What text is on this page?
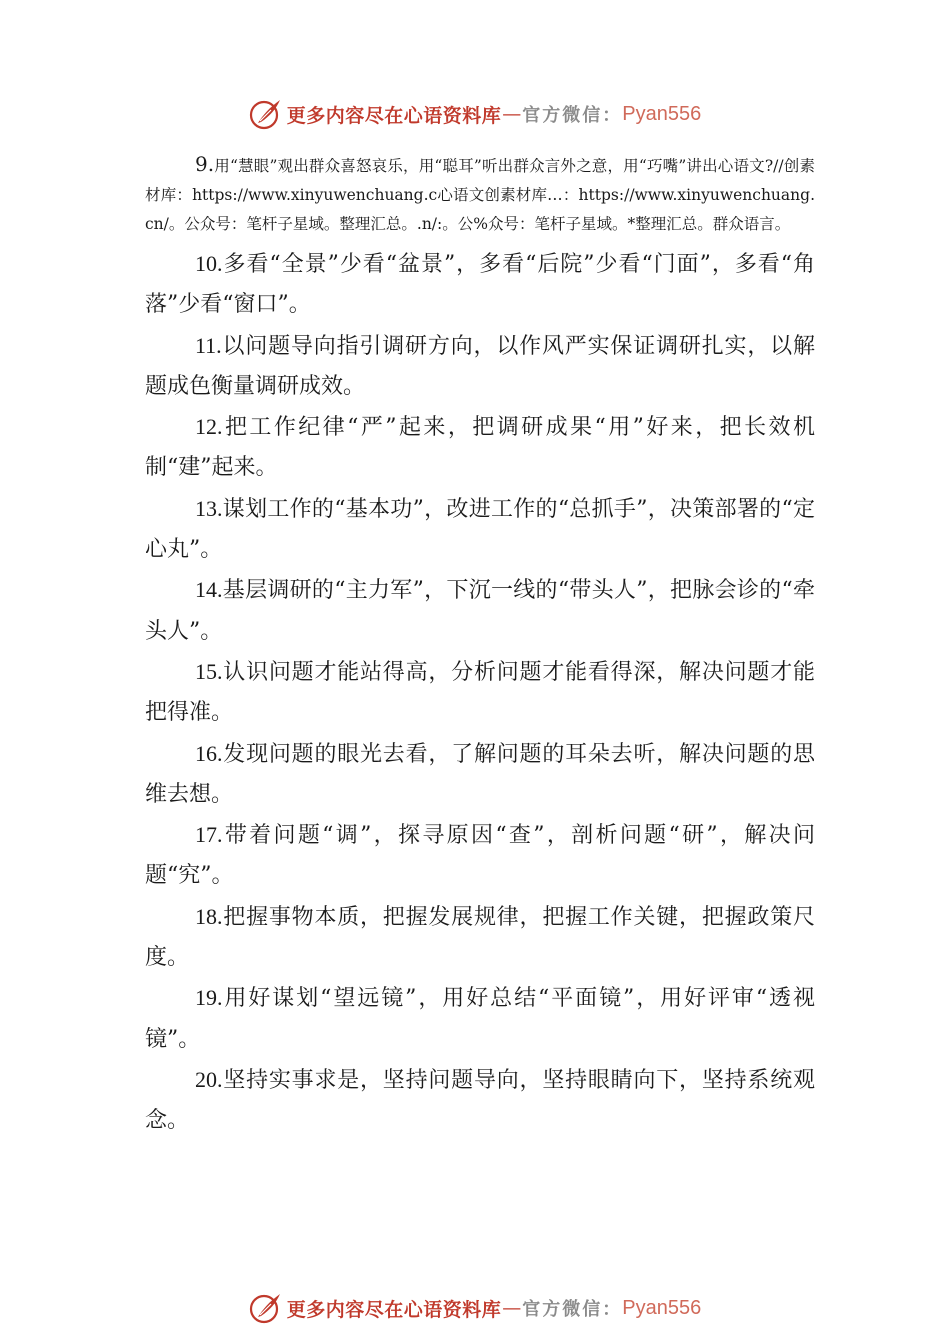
更多内容尽在心语资料库 — 官方微信： Pyan556

9.用“慧眼”观出群众喜怒哀乐，用“聪耳”听出群众言外之意，用“巧嘴”讲出心语文?//创素材库：https://www.xinyuwenchuang.c心语文创素材库…：https://www.xinyuwenchuang.cn/。公众号：笔杆子星域。整理汇总。.n/:。公%众号：笔杆子星域。*整理汇总。群众语言。

10.多看“全景”少看“盆景”，多看“后院”少看“门面”，多看“角落”少看“窗口”。

11.以问题导向指引调研方向，以作风严实保证调研扎实，以解题成色衡量调研成效。

12.把工作纪律“严”起来，把调研成果“用”好来，把长效机制“建”起来。

13.谋划工作的“基本功”，改进工作的“总抓手”，决策部署的“定心丸”。

14.基层调研的“主力军”，下沉一线的“带头人”，把脉会诊的“牵头人”。

15.认识问题才能站得高，分析问题才能看得深，解决问题才能把得准。

16.发现问题的眼光去看，了解问题的耳朵去听，解决问题的思维去想。

17.带着问题“调”，探寻原因“查”，剖析问题“研”，解决问题“究”。

18.把握事物本质，把握发展规律，把握工作关键，把握政策尺度。

19.用好谋划“望远镜”，用好总结“平面镜”，用好评审“透视镜”。

20.坚持实事求是，坚持问题导向，坚持眼睛向下，坚持系统观念。

更多内容尽在心语资料库 — 官方微信： Pyan556
